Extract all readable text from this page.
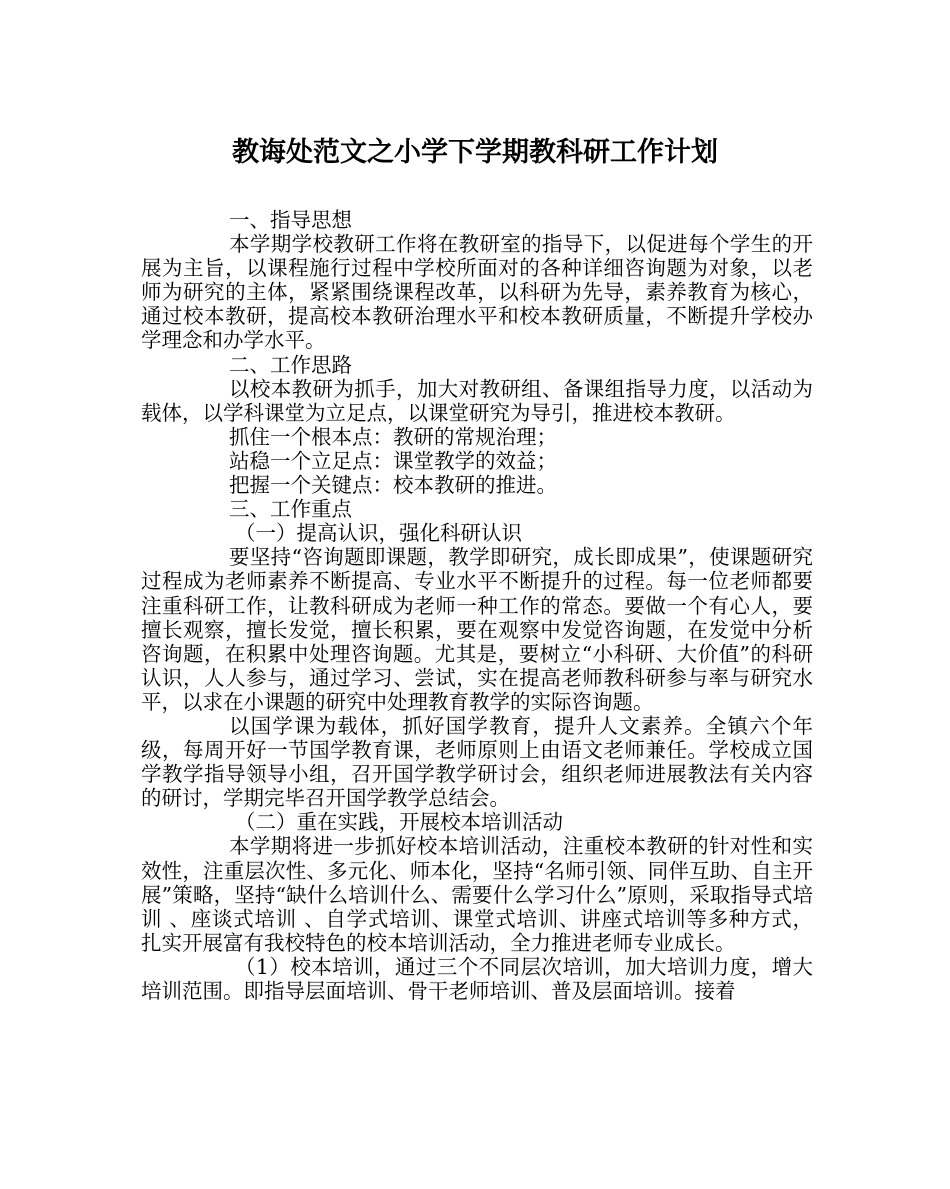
教诲处范文之小学下学期教科研工作计划

一、指导思想

本学期学校教研工作将在教研室的指导下，以促进每个学生的开展为主旨，以课程施行过程中学校所面对的各种详细咨询题为对象，以老师为研究的主体，紧紧围绕课程改革，以科研为先导，素养教育为核心，通过校本教研，提高校本教研治理水平和校本教研质量，不断提升学校办学理念和办学水平。

二、工作思路

以校本教研为抓手，加大对教研组、备课组指导力度，以活动为载体，以学科课堂为立足点，以课堂研究为导引，推进校本教研。

抓住一个根本点：教研的常规治理；

站稳一个立足点：课堂教学的效益；

把握一个关键点：校本教研的推进。

三、工作重点

（一）提高认识，强化科研认识

要坚持“咨询题即课题，教学即研究，成长即成果”，使课题研究过程成为老师素养不断提高、专业水平不断提升的过程。每一位老师都要注重科研工作，让教科研成为老师一种工作的常态。要做一个有心人，要擅长观察，擅长发觉，擅长积累，要在观察中发觉咨询题，在发觉中分析咨询题，在积累中处理咨询题。尤其是，要树立“小科研、大价值”的科研认识，人人参与，通过学习、尝试，实在提高老师教科研参与率与研究水平，以求在小课题的研究中处理教育教学的实际咨询题。

以国学课为载体，抓好国学教育，提升人文素养。全镇六个年级，每周开好一节国学教育课，老师原则上由语文老师兼任。学校成立国学教学指导领导小组，召开国学教学研讨会，组织老师进展教法有关内容的研讨，学期完毕召开国学教学总结会。

（二）重在实践，开展校本培训活动

本学期将进一步抓好校本培训活动，注重校本教研的针对性和实效性，注重层次性、多元化、师本化，坚持“名师引领、同伴互助、自主开展”策略，坚持“缺什么培训什么、需要什么学习什么”原则，采取指导式培训 、座谈式培训 、自学式培训、课堂式培训、讲座式培训等多种方式， 扎实开展富有我校特色的校本培训活动，全力推进老师专业成长。

（1）校本培训，通过三个不同层次培训，加大培训力度，增大培训范围。即指导层面培训、骨干老师培训、普及层面培训。接着
